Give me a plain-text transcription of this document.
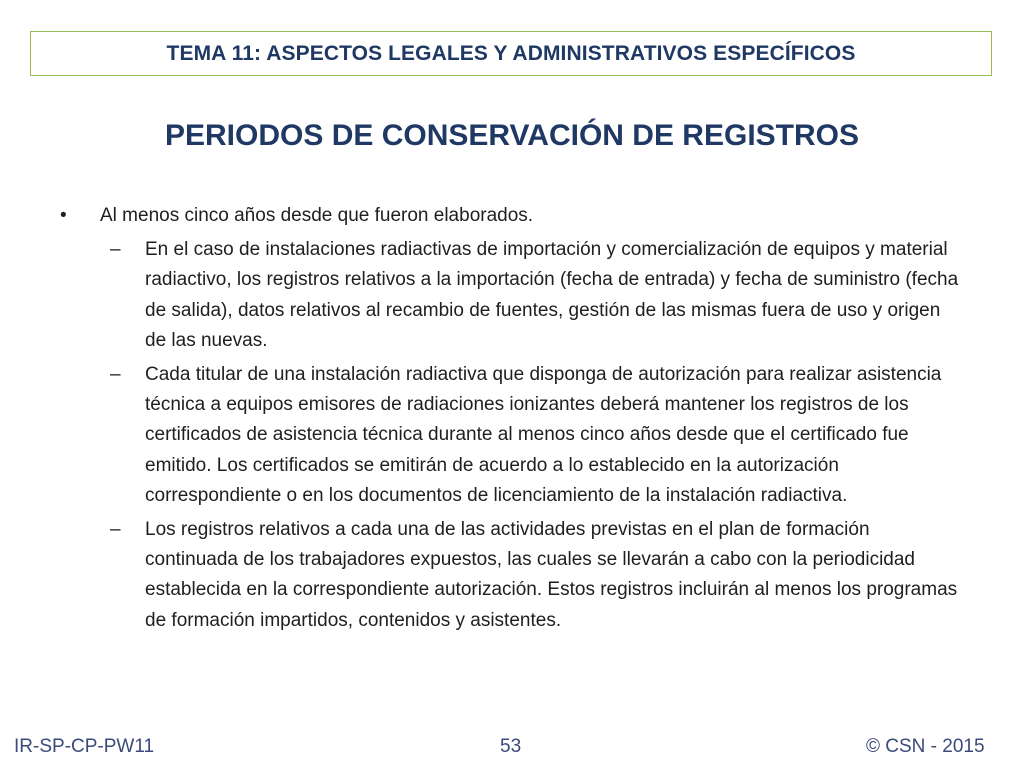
TEMA 11: ASPECTOS LEGALES Y ADMINISTRATIVOS ESPECÍFICOS
PERIODOS DE CONSERVACIÓN DE REGISTROS
•	Al menos cinco años desde que fueron elaborados.
– En el caso de instalaciones radiactivas de importación y comercialización de equipos y material radiactivo, los registros relativos a la importación (fecha de entrada) y fecha de suministro (fecha de salida), datos relativos al recambio de fuentes, gestión de las mismas fuera de uso y origen de las nuevas.
– Cada titular de una instalación radiactiva que disponga de autorización para realizar asistencia técnica a equipos emisores de radiaciones ionizantes deberá mantener los registros de los certificados de asistencia técnica durante al menos cinco años desde que el certificado fue emitido. Los certificados se emitirán de acuerdo a lo establecido en la autorización correspondiente o en los documentos de licenciamiento de la instalación radiactiva.
– Los registros relativos a cada una de las actividades previstas en el plan de formación continuada de los trabajadores expuestos, las cuales se llevarán a cabo con la periodicidad establecida en la correspondiente autorización. Estos registros incluirán al menos los programas de formación impartidos, contenidos y asistentes.
IR-SP-CP-PW11	53	© CSN - 2015
